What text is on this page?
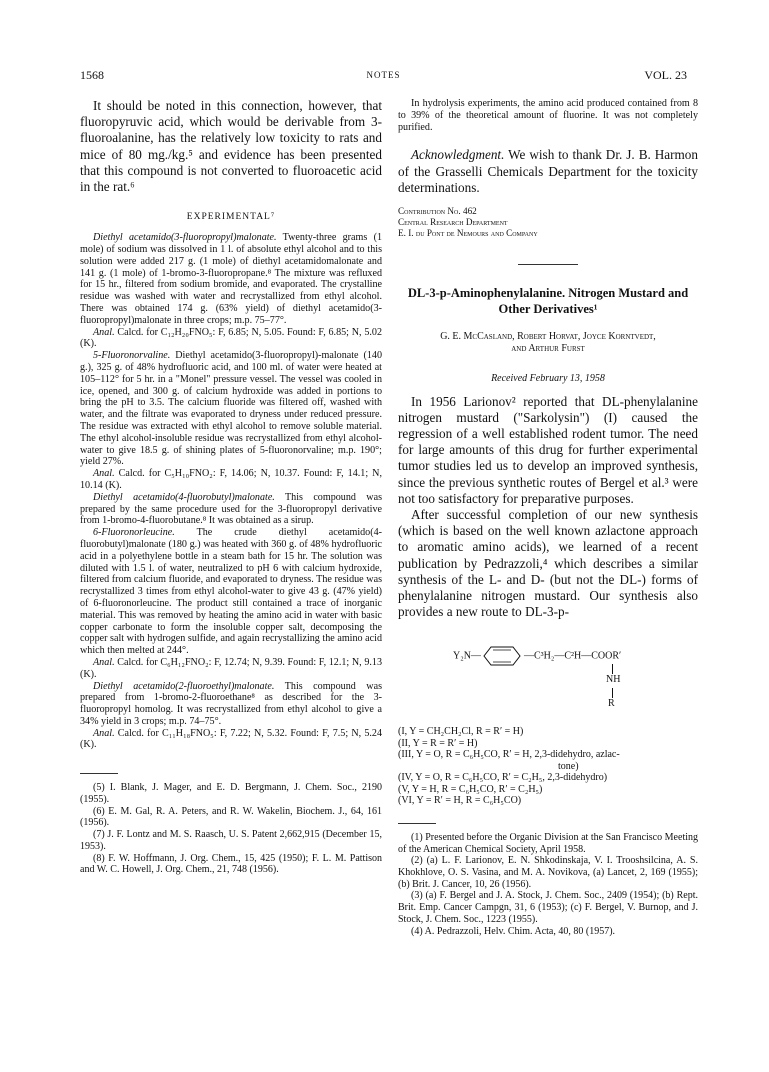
1568	NOTES	VOL. 23

It should be noted in this connection, however, that fluoropyruvic acid, which would be derivable from 3-fluoroalanine, has the relatively low toxicity to rats and mice of 80 mg./kg.⁵ and evidence has been presented that this compound is not converted to fluoroacetic acid in the rat.⁶

EXPERIMENTAL⁷

Diethyl acetamido(3-fluoropropyl)malonate. Twenty-three grams (1 mole) of sodium was dissolved in 1 l. of absolute ethyl alcohol and to this solution were added 217 g. (1 mole) of diethyl acetamidomalonate and 141 g. (1 mole) of 1-bromo-3-fluoropropane.⁸ The mixture was refluxed for 15 hr., filtered from sodium bromide, and evaporated. The crystalline residue was washed with water and recrystallized from ethyl alcohol. There was obtained 174 g. (63% yield) of diethyl acetamido(3-fluoropropyl)malonate in three crops; m.p. 75–77°.

Anal. Calcd. for C₁₂H₂₀FNO₅: F, 6.85; N, 5.05. Found: F, 6.85; N, 5.02 (K).

5-Fluoronorvaline. Diethyl acetamido(3-fluoropropyl)-malonate (140 g.), 325 g. of 48% hydrofluoric acid, and 100 ml. of water were heated at 105–112° for 5 hr. in a "Monel" pressure vessel. The vessel was cooled in ice, opened, and 300 g. of calcium hydroxide was added in portions to bring the pH to 3.5. The calcium fluoride was filtered off, washed with water, and the filtrate was evaporated to dryness under reduced pressure. The residue was extracted with ethyl alcohol to remove soluble material. The ethyl alcohol-insoluble residue was recrystallized from ethyl alcohol-water to give 18.5 g. of shining plates of 5-fluoronorvaline; m.p. 190°; yield 27%.

Anal. Calcd. for C₅H₁₀FNO₂: F, 14.06; N, 10.37. Found: F, 14.1; N, 10.14 (K).

Diethyl acetamido(4-fluorobutyl)malonate. This compound was prepared by the same procedure used for the 3-fluoropropyl derivative from 1-bromo-4-fluorobutane.⁸ It was obtained as a sirup.

6-Fluoronorleucine. The crude diethyl acetamido(4-fluorobutyl)malonate (180 g.) was heated with 360 g. of 48% hydrofluoric acid in a polyethylene bottle in a steam bath for 15 hr. The solution was diluted with 1.5 l. of water, neutralized to pH 6 with calcium hydroxide, filtered from calcium fluoride, and evaporated to dryness. The residue was recrystallized 3 times from ethyl alcohol-water to give 43 g. (47% yield) of 6-fluoronorleucine. The product still contained a trace of inorganic material. This was removed by heating the amino acid in water with basic copper carbonate to form the insoluble copper salt, decomposing the copper salt with hydrogen sulfide, and again recrystallizing the amino acid which then melted at 244°.

Anal. Calcd. for C₆H₁₂FNO₂: F, 12.74; N, 9.39. Found: F, 12.1; N, 9.13 (K).

Diethyl acetamido(2-fluoroethyl)malonate. This compound was prepared from 1-bromo-2-fluoroethane⁸ as described for the 3-fluoropropyl homolog. It was recrystallized from ethyl alcohol to give a 34% yield in 3 crops; m.p. 74–75°.

Anal. Calcd. for C₁₁H₁₈FNO₅: F, 7.22; N, 5.32. Found: F, 7.5; N, 5.24 (K).

(5) I. Blank, J. Mager, and E. D. Bergmann, J. Chem. Soc., 2190 (1955).

(6) E. M. Gal, R. A. Peters, and R. W. Wakelin, Biochem. J., 64, 161 (1956).

(7) J. F. Lontz and M. S. Raasch, U. S. Patent 2,662,915 (December 15, 1953).

(8) F. W. Hoffmann, J. Org. Chem., 15, 425 (1950); F. L. M. Pattison and W. C. Howell, J. Org. Chem., 21, 748 (1956).

In hydrolysis experiments, the amino acid produced contained from 8 to 39% of the theoretical amount of fluorine. It was not completely purified.

Acknowledgment. We wish to thank Dr. J. B. Harmon of the Grasselli Chemicals Department for the toxicity determinations.

Contribution No. 462
Central Research Department
E. I. du Pont de Nemours and Company
DL-3-p-Aminophenylalanine. Nitrogen Mustard and Other Derivatives¹
G. E. McCasland, Robert Horvat, Joyce Korntvedt,
and Arthur Furst
Received February 13, 1958

In 1956 Larionov² reported that DL-phenylalanine nitrogen mustard ("Sarkolysin") (I) caused the regression of a well established rodent tumor. The need for large amounts of this drug for further experimental tumor studies led us to develop an improved synthesis, since the previous synthetic routes of Bergel et al.³ were not too satisfactory for preparative purposes.

After successful completion of our new synthesis (which is based on the well known azlactone approach to aromatic amino acids), we learned of a recent publication by Pedrazzoli,⁴ which describes a similar synthesis of the L- and D- (but not the DL-) forms of phenylalanine nitrogen mustard. Our synthesis also provides a new route to DL-3-p-

Y₂N—	—C³H₂—C²H—COOR′
NH
R
(I, Y = CH₂CH₂Cl, R = R′ = H)
(II, Y = R = R′ = H)
(III, Y = O, R = C₆H₅CO, R′ = H, 2,3-didehydro, azlac-
tone)
(IV, Y = O, R = C₆H₅CO, R′ = C₂H₅, 2,3-didehydro)
(V, Y = H, R = C₆H₅CO, R′ = C₂H₅)
(VI, Y = R′ = H, R = C₆H₅CO)

(1) Presented before the Organic Division at the San Francisco Meeting of the American Chemical Society, April 1958.

(2) (a) L. F. Larionov, E. N. Shkodinskaja, V. I. Trooshsilcina, A. S. Khokhlove, O. S. Vasina, and M. A. Novikova, (a) Lancet, 2, 169 (1955); (b) Brit. J. Cancer, 10, 26 (1956).

(3) (a) F. Bergel and J. A. Stock, J. Chem. Soc., 2409 (1954); (b) Rept. Brit. Emp. Cancer Campgn, 31, 6 (1953); (c) F. Bergel, V. Burnop, and J. Stock, J. Chem. Soc., 1223 (1955).

(4) A. Pedrazzoli, Helv. Chim. Acta, 40, 80 (1957).
